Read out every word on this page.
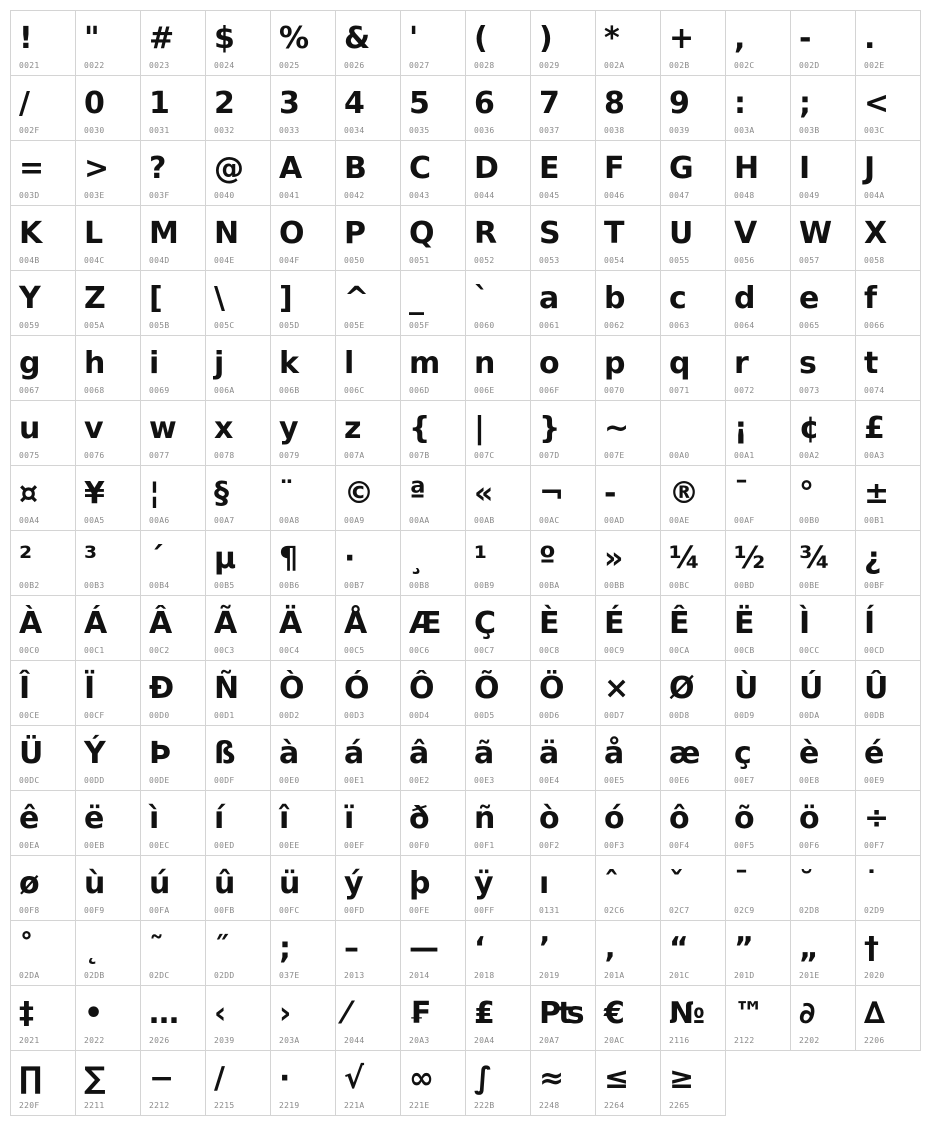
!
0021
"
0022
#
0023
$
0024
%
0025
&
0026
'
0027
(
0028
)
0029
*
002A
+
002B
,
002C
-
002D
.
002E
/
002F
0
0030
1
0031
2
0032
3
0033
4
0034
5
0035
6
0036
7
0037
8
0038
9
0039
:
003A
;
003B
<
003C
=
003D
>
003E
?
003F
@
0040
A
0041
B
0042
C
0043
D
0044
E
0045
F
0046
G
0047
H
0048
I
0049
J
004A
K
004B
L
004C
M
004D
N
004E
O
004F
P
0050
Q
0051
R
0052
S
0053
T
0054
U
0055
V
0056
W
0057
X
0058
Y
0059
Z
005A
[
005B
\
005C
]
005D
^
005E
_
005F
`
0060
a
0061
b
0062
c
0063
d
0064
e
0065
f
0066
g
0067
h
0068
i
0069
j
006A
k
006B
l
006C
m
006D
n
006E
o
006F
p
0070
q
0071
r
0072
s
0073
t
0074
u
0075
v
0076
w
0077
x
0078
y
0079
z
007A
{
007B
|
007C
}
007D
~
007E	00A0
¡
00A1
¢
00A2
£
00A3
¤
00A4
¥
00A5
¦
00A6
§
00A7
¨
00A8
©
00A9
ª
00AA
«
00AB
¬
00AC
-
00AD
®
00AE
¯
00AF
°
00B0
±
00B1
²
00B2
³
00B3
´
00B4
µ
00B5
¶
00B6
·
00B7
¸
00B8
¹
00B9
º
00BA
»
00BB
¼
00BC
½
00BD
¾
00BE
¿
00BF
À
00C0
Á
00C1
Â
00C2
Ã
00C3
Ä
00C4
Å
00C5
Æ
00C6
Ç
00C7
È
00C8
É
00C9
Ê
00CA
Ë
00CB
Ì
00CC
Í
00CD
Î
00CE
Ï
00CF
Ð
00D0
Ñ
00D1
Ò
00D2
Ó
00D3
Ô
00D4
Õ
00D5
Ö
00D6
×
00D7
Ø
00D8
Ù
00D9
Ú
00DA
Û
00DB
Ü
00DC
Ý
00DD
Þ
00DE
ß
00DF
à
00E0
á
00E1
â
00E2
ã
00E3
ä
00E4
å
00E5
æ
00E6
ç
00E7
è
00E8
é
00E9
ê
00EA
ë
00EB
ì
00EC
í
00ED
î
00EE
ï
00EF
ð
00F0
ñ
00F1
ò
00F2
ó
00F3
ô
00F4
õ
00F5
ö
00F6
÷
00F7
ø
00F8
ù
00F9
ú
00FA
û
00FB
ü
00FC
ý
00FD
þ
00FE
ÿ
00FF
ı
0131
ˆ
02C6
ˇ
02C7
ˉ
02C9
˘
02D8
˙
02D9
˚
02DA
˛
02DB
˜
02DC
˝
02DD
;
037E
–
2013
—
2014
‘
2018
’
2019
‚
201A
“
201C
”
201D
„
201E
†
2020
‡
2021
•
2022
…
2026
‹
2039
›
203A
⁄
2044
₣
20A3
₤
20A4
₧
20A7
€
20AC
№
2116
™
2122
∂
2202
∆
2206
∏
220F
∑
2211
−
2212
∕
2215
∙
2219
√
221A
∞
221E
∫
222B
≈
2248
≤
2264
≥
2265
